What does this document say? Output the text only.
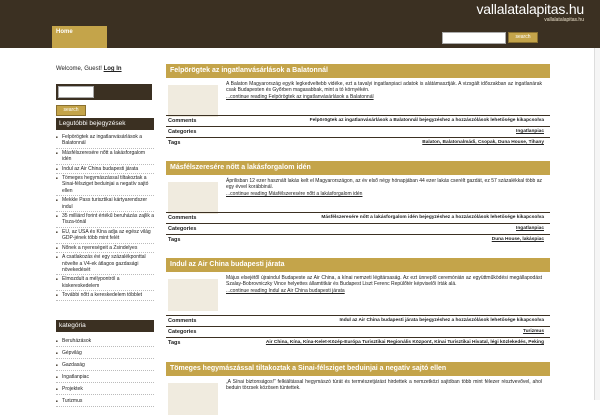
vallalatalapitas.hu
vallalatalapitas.hu
Home
search
Welcome, Guest! Log In
search
Legutóbbi bejegyzések
■ Felpörögtek az ingatlanvásárlások a Balatonnál
■ Másfélszeresére nőtt a lakásforgalom idén
■ Indul az Air China budapesti járata
■ Tömeges hegymászással tiltakoztak a Sinai-félsziget beduinjai a negatív sajtó ellen
■ Mekkle Pass turisztikai kártyarendszer indul
■ 35 milliárd forint értékű beruházás zajlik a Tisza-tónál
■ EU, az USA és Kína adja az egész világ GDP-jének több mint felét
■ Nőnek a nyereségeit a Zsindelyes
■ A csatlakozás évi egy százalékponttal növelte a V4-ek átlagos gazdasági növekedését
■ Elmozdult a mélypontról a kiskereskedelem
■ További nőtt a kereskedelem többlet
kategória
■ Beruházások
■ Gépvilág
■ Gazdaság
■ Ingatlanpiac
■ Projektek
■ Turizmus
Felpörögtek az ingatlanvásárlások a Balatonnál
A Balaton Magyarország egyik legkedveltebb vidéke, ezt a tavalyi ingatlanpiaci adatok is alátámasztják. A vizsgált időszakban az ingatlanárak csak Budapesten és Győrben magasabbak, mint a tó környékén.
...continue reading Felpörögtek az ingatlanvásárlások a Balatonnál
Comments	Felpörögtek az ingatlanvásárlások a Balatonnál bejegyzéshez a hozzászólások lehetősége kikapcsolva
Categories	Ingatlanpiac
Tags	Balaton, Balatonalmádi, Csopak, Duna House, Tihany
Másfélszeresére nőtt a lakásforgalom idén
Áprilisban 12 ezer használt lakás kelt el Magyarországon, az év első négy hónapjában 44 ezer lakás cserélt gazdát, ez 57 százalékkal több az egy évvel korábbinál.
...continue reading Másfélszeresére nőtt a lakásforgalom idén
Comments	Másfélszeresére nőtt a lakásforgalom idén bejegyzéshez a hozzászólások lehetősége kikapcsolva
Categories	Ingatlanpiac
Tags	Duna House, lakáspiac
Indul az Air China budapesti járata
Május elsejétől újraindul Budapeste az Air China, a kínai nemzeti légitársaság. Az ezt ünneplő ceremónián az együttműködési megállapodást Szalay-Bobrovniczky Vince helyettes államtitkár és Budapest Liszt Ferenc Repülőtér képviselői írták alá.
...continue reading Indul az Air China budapesti járata
Comments	Indul az Air China budapesti járata bejegyzéshez a hozzászólások lehetősége kikapcsolva
Categories	Turizmus
Tags	Air China, Kína, Kína-Kelet-Közép-Európa Turisztikai Regionális Központ, Kínai Turisztikai Hivatal, légi közlekedés, Peking
Tömeges hegymászással tiltakoztak a Sinai-félsziget beduinjai a negatív sajtó ellen
„A Sínai biztonságos!” felkiáltással hegymászó túrát és természetjárást hirdettek a nemzetközi sajtóban több mint félezer résztvevővel, ahol beduin törzsek közösen tüntettek.
